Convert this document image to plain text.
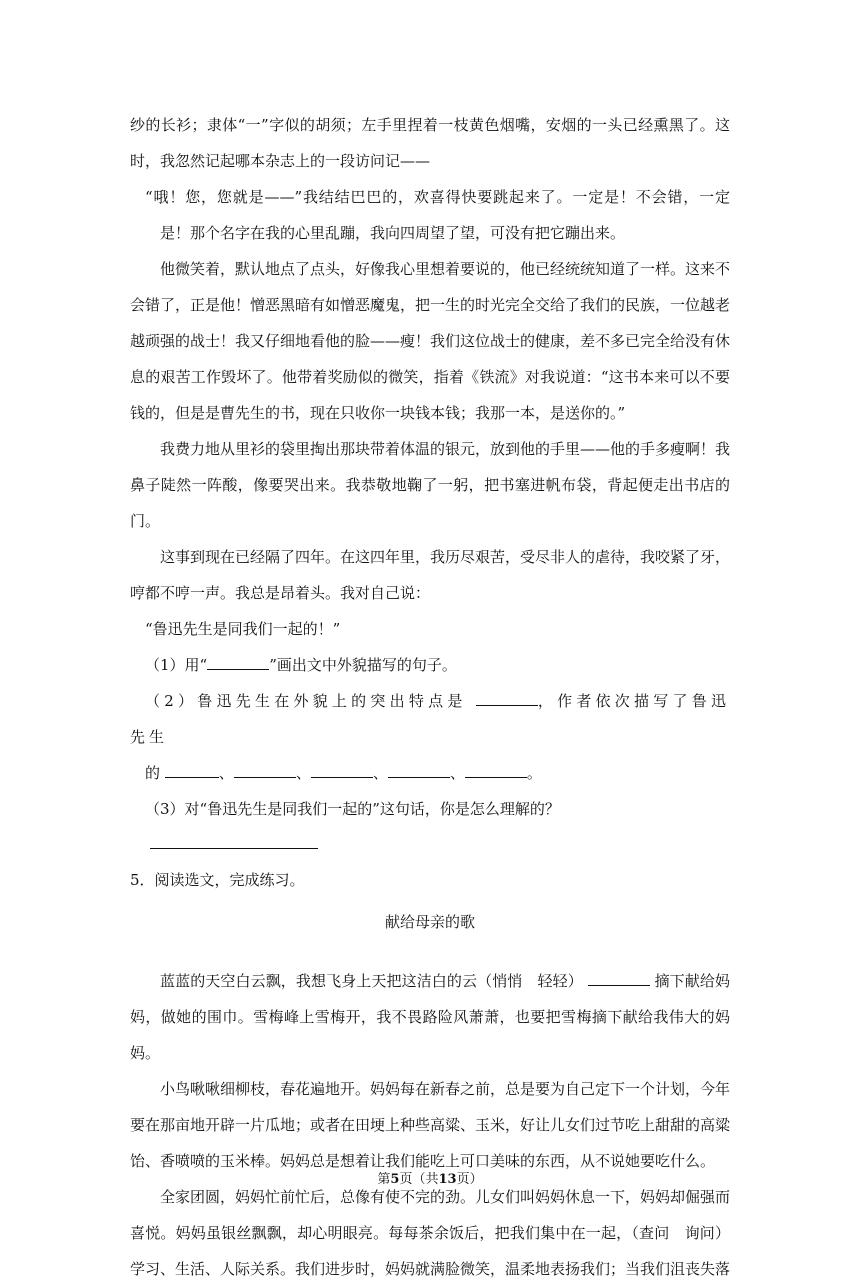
纱的长衫；隶体“一”字似的胡须；左手里捏着一枝黄色烟嘴，安烟的一头已经熏黑了。这时，我忽然记起哪本杂志上的一段访问记——

“哦！您，您就是——”我结结巴巴的，欢喜得快要跳起来了。一定是！不会错，一定是！那个名字在我的心里乱蹦，我向四周望了望，可没有把它蹦出来。

他微笑着，默认地点了点头，好像我心里想着要说的，他已经统统知道了一样。这来不会错了，正是他！憎恶黑暗有如憎恶魔鬼，把一生的时光完全交给了我们的民族，一位越老越顽强的战士！我又仔细地看他的脸——瘦！我们这位战士的健康，差不多已完全给没有休息的艰苦工作毁坏了。他带着奖励似的微笑，指着《铁流》对我说道：“这书本来可以不要钱的，但是是曹先生的书，现在只收你一块钱本钱；我那一本，是送你的。”

我费力地从里衫的袋里掏出那块带着体温的银元，放到他的手里——他的手多瘦啊！我鼻子陡然一阵酸，像要哭出来。我恭敬地鞠了一躬，把书塞进帆布袋，背起便走出书店的门。

这事到现在已经隔了四年。在这四年里，我历尽艰苦，受尽非人的虐待，我咬紧了牙，哼都不哼一声。我总是昂着头。我对自己说：

“鲁迅先生是同我们一起的！”

（1）用“	”画出文中外貌描写的句子。

（2）鲁迅先生在外貌上的突出特点是	，作者依次描写了鲁迅先生

的	、	、	、	、	。

（3）对“鲁迅先生是同我们一起的”这句话，你是怎么理解的？

5．阅读选文，完成练习。

献给母亲的歌

蓝蓝的天空白云飘，我想飞身上天把这洁白的云（悄悄　轻轻）	摘下献给妈妈，做她的围巾。雪梅峰上雪梅开，我不畏路险风萧萧，也要把雪梅摘下献给我伟大的妈妈。

小鸟啾啾细柳枝，春花遍地开。妈妈每在新春之前，总是要为自己定下一个计划，今年要在那亩地开辟一片瓜地；或者在田埂上种些高粱、玉米，好让儿女们过节吃上甜甜的高粱饴、香喷喷的玉米棒。妈妈总是想着让我们能吃上可口美味的东西，从不说她要吃什么。

全家团圆，妈妈忙前忙后，总像有使不完的劲。儿女们叫妈妈休息一下，妈妈却倔强而喜悦。妈妈虽银丝飘飘，却心明眼亮。每每茶余饭后，把我们集中在一起，（查问　询问）学习、生活、人际关系。我们进步时，妈妈就满脸微笑，温柔地表扬我们；当我们沮丧失落

第5页（共13页）
